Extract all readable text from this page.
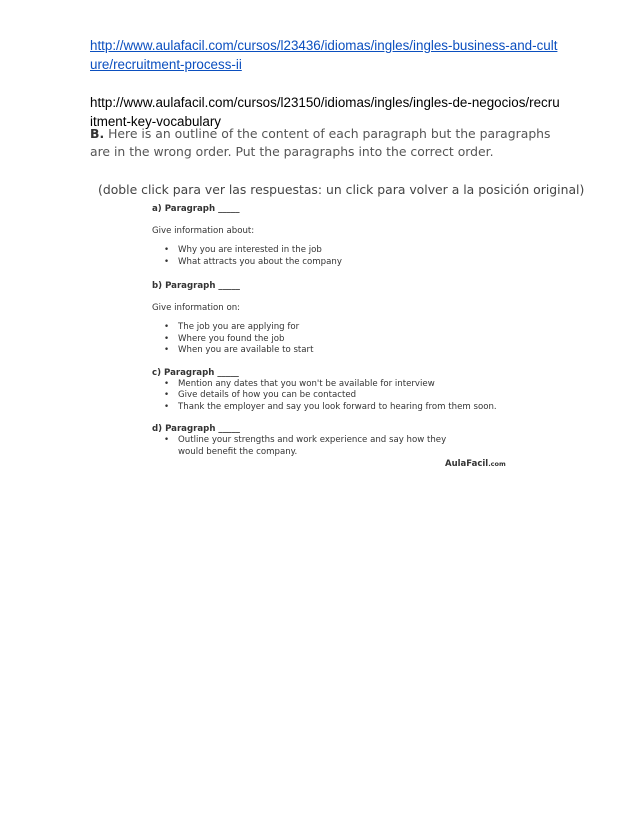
http://www.aulafacil.com/cursos/l23436/idiomas/ingles/ingles-business-and-culture/recruitment-process-ii
http://www.aulafacil.com/cursos/l23150/idiomas/ingles/ingles-de-negocios/recruitment-key-vocabulary

B. Here is an outline of the content of each paragraph but the paragraphs are in the wrong order. Put the paragraphs into the correct order.

(doble click para ver las respuestas: un click para volver a la posición original)

a) Paragraph _____

Give information about:

• Why you are interested in the job
• What attracts you about the company

b) Paragraph _____

Give information on:

• The job you are applying for
• Where you found the job
• When you are available to start

c) Paragraph _____

• Mention any dates that you won't be available for interview
• Give details of how you can be contacted
• Thank the employer and say you look forward to hearing from them soon.

d) Paragraph _____

• Outline your strengths and work experience and say how they would benefit the company.
AulaFacil.com
